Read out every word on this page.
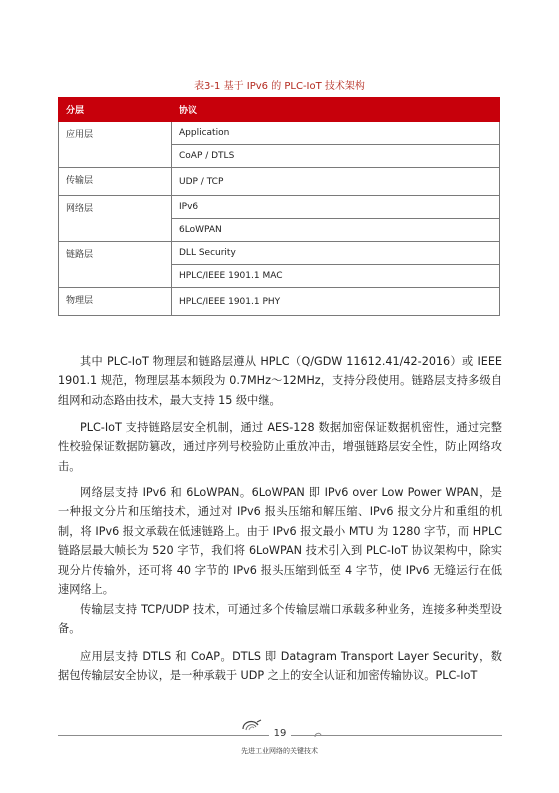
表3-1 基于 IPv6 的 PLC-IoT 技术架构
分层	协议
应用层	Application
	CoAP / DTLS
传输层	UDP / TCP
网络层	IPv6
	6LoWPAN
链路层	DLL Security
	HPLC/IEEE 1901.1 MAC
物理层	HPLC/IEEE 1901.1 PHY

其中 PLC-IoT 物理层和链路层遵从 HPLC（Q/GDW 11612.41/42-2016）或 IEEE 1901.1 规范，物理层基本频段为 0.7MHz～12MHz，支持分段使用。链路层支持多级自组网和动态路由技术，最大支持 15 级中继。

PLC-IoT 支持链路层安全机制，通过 AES-128 数据加密保证数据机密性，通过完整性校验保证数据防篡改，通过序列号校验防止重放冲击，增强链路层安全性，防止网络攻击。

网络层支持 IPv6 和 6LoWPAN。6LoWPAN 即 IPv6 over Low Power WPAN，是一种报文分片和压缩技术，通过对 IPv6 报头压缩和解压缩、IPv6 报文分片和重组的机制，将 IPv6 报文承载在低速链路上。由于 IPv6 报文最小 MTU 为 1280 字节，而 HPLC 链路层最大帧长为 520 字节，我们将 6LoWPAN 技术引入到 PLC-IoT 协议架构中，除实现分片传输外，还可将 40 字节的 IPv6 报头压缩到低至 4 字节，使 IPv6 无缝运行在低速网络上。

传输层支持 TCP/UDP 技术，可通过多个传输层端口承载多种业务，连接多种类型设备。

应用层支持 DTLS 和 CoAP。DTLS 即 Datagram Transport Layer Security，数据包传输层安全协议，是一种承载于 UDP 之上的安全认证和加密传输协议。PLC-IoT

19
先进工业网络的关键技术
